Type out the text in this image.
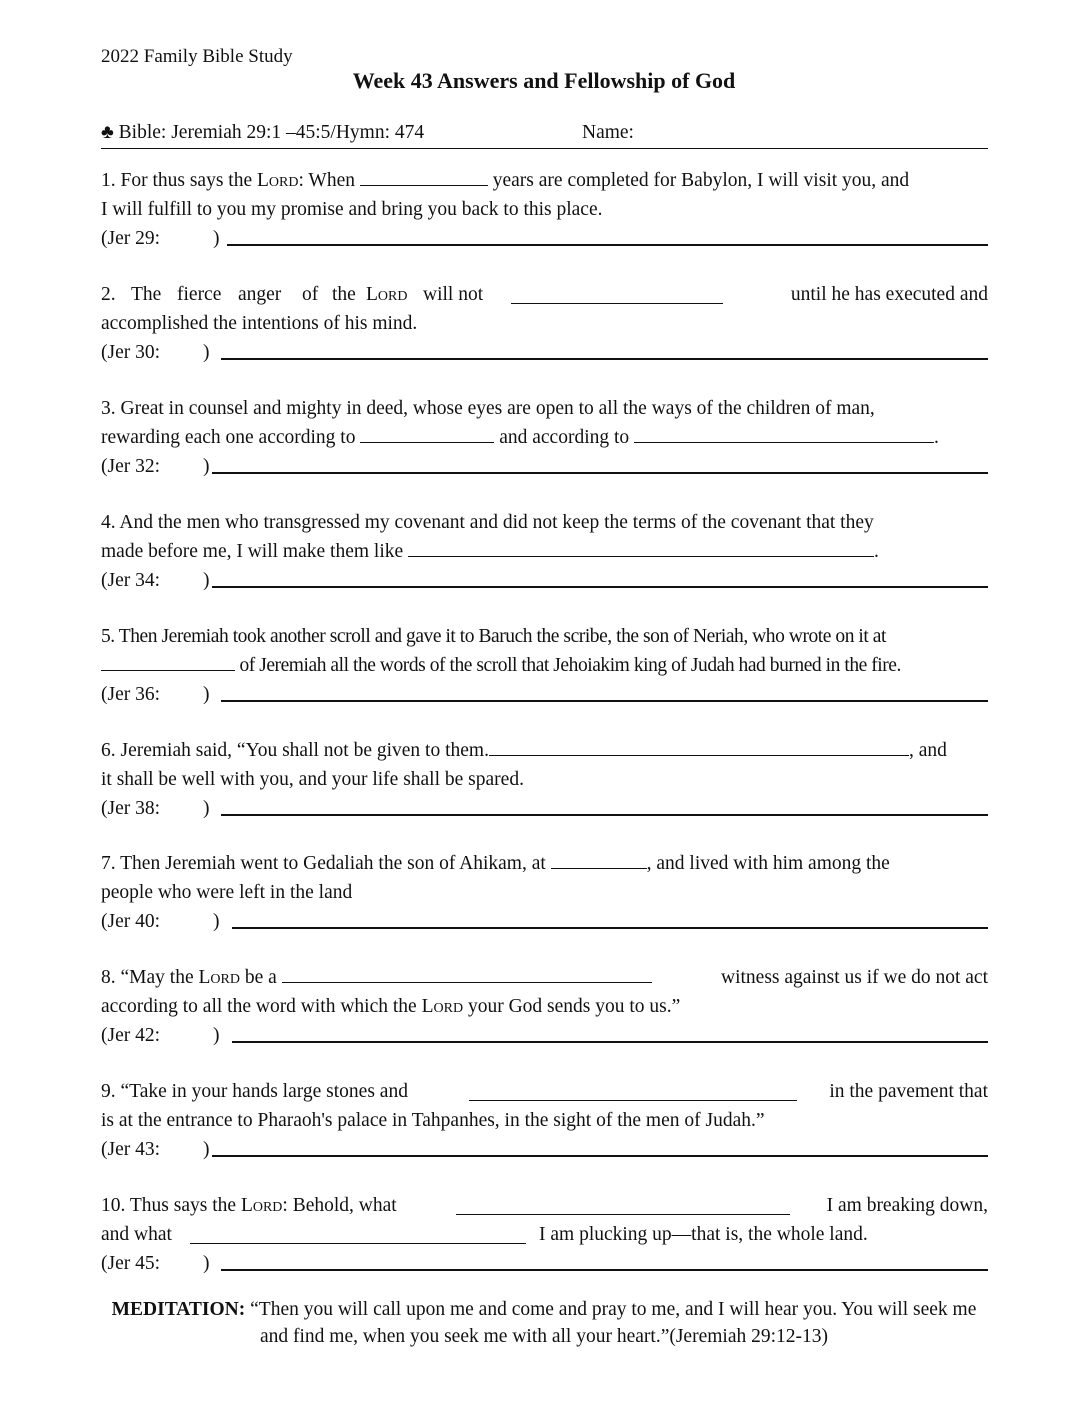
2022 Family Bible Study
Week 43 Answers and Fellowship of God
♣ Bible: Jeremiah 29:1 –45:5/Hymn: 474	Name:
1. For thus says the Lord: When	years are completed for Babylon, I will visit you, and
I will fulfill to you my promise and bring you back to this place.
(Jer 29:	)
2. The fierce anger of the Lord will not	until he has executed and
accomplished the intentions of his mind.
(Jer 30: )
3. Great in counsel and mighty in deed, whose eyes are open to all the ways of the children of man,
rewarding each one according to	and according to	.
(Jer 32: )
4. And the men who transgressed my covenant and did not keep the terms of the covenant that they
made before me, I will make them like	.
(Jer 34: )
5. Then Jeremiah took another scroll and gave it to Baruch the scribe, the son of Neriah, who wrote on it at
of Jeremiah all the words of the scroll that Jehoiakim king of Judah had burned in the fire.
(Jer 36: )
6. Jeremiah said, “You shall not be given to them.	, and
it shall be well with you, and your life shall be spared.
(Jer 38: )
7. Then Jeremiah went to Gedaliah the son of Ahikam, at	, and lived with him among the
people who were left in the land
(Jer 40:	)
8. “May the Lord be a	witness against us if we do not act
according to all the word with which the Lord your God sends you to us.”
(Jer 42:	)
9. “Take in your hands large stones and	in the pavement that
is at the entrance to Pharaoh's palace in Tahpanhes, in the sight of the men of Judah.”
(Jer 43: )
10. Thus says the Lord: Behold, what	I am breaking down,
and what	I am plucking up—that is, the whole land.
(Jer 45: )
MEDITATION: “Then you will call upon me and come and pray to me, and I will hear you. You will seek me and find me, when you seek me with all your heart.”(Jeremiah 29:12-13)
